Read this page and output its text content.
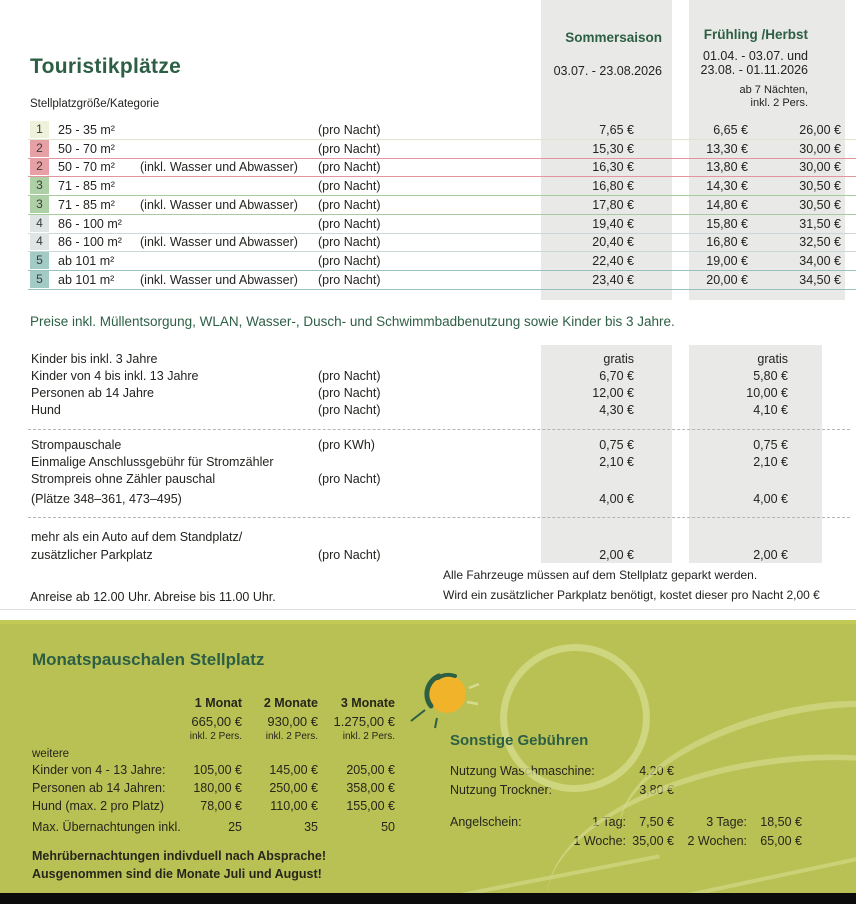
Touristikplätze
Stellplatzgröße/Kategorie
Sommersaison
03.07. - 23.08.2026
Frühling /Herbst
01.04. - 03.07. und
23.08. - 01.11.2026
ab 7 Nächten,
inkl. 2 Pers.
1	25 - 35 m²	(pro Nacht)	7,65 €	6,65 €	26,00 €
2	50 - 70 m²	(pro Nacht)	15,30 €	13,30 €	30,00 €
2	50 - 70 m² (inkl. Wasser und Abwasser) (pro Nacht)	16,30 €	13,80 €	30,00 €
3	71 - 85 m²	(pro Nacht)	16,80 €	14,30 €	30,50 €
3	71 - 85 m² (inkl. Wasser und Abwasser) (pro Nacht)	17,80 €	14,80 €	30,50 €
4	86 - 100 m²	(pro Nacht)	19,40 €	15,80 €	31,50 €
4	86 - 100 m² (inkl. Wasser und Abwasser) (pro Nacht)	20,40 €	16,80 €	32,50 €
5	ab 101 m²	(pro Nacht)	22,40 €	19,00 €	34,00 €
5	ab 101 m² (inkl. Wasser und Abwasser) (pro Nacht)	23,40 €	20,00 €	34,50 €
Preise inkl. Müllentsorgung, WLAN, Wasser-, Dusch- und Schwimmbadbenutzung sowie Kinder bis 3 Jahre.
Kinder bis inkl. 3 Jahre	gratis	gratis
Kinder von 4 bis inkl. 13 Jahre	(pro Nacht)	6,70 €	5,80 €
Personen ab 14 Jahre	(pro Nacht)	12,00 €	10,00 €
Hund	(pro Nacht)	4,30 €	4,10 €
Strompauschale	(pro KWh)	0,75 €	0,75 €
Einmalige Anschlussgebühr für Stromzähler	2,10 €	2,10 €
Strompreis ohne Zähler pauschal	(pro Nacht)
(Plätze 348–361, 473–495)	4,00 €	4,00 €
mehr als ein Auto auf dem Standplatz/
zusätzlicher Parkplatz	(pro Nacht)	2,00 €	2,00 €
Alle Fahrzeuge müssen auf dem Stellplatz geparkt werden.
Wird ein zusätzlicher Parkplatz benötigt, kostet dieser pro Nacht 2,00 €
Anreise ab 12.00 Uhr. Abreise bis 11.00 Uhr.
Monatspauschalen Stellplatz
1 Monat	2 Monate	3 Monate
665,00 €	930,00 €	1.275,00 €
inkl. 2 Pers.	inkl. 2 Pers.	inkl. 2 Pers.
weitere
Kinder von 4 - 13 Jahre:	105,00 €	145,00 €	205,00 €
Personen ab 14 Jahren:	180,00 €	250,00 €	358,00 €
Hund (max. 2 pro Platz)	78,00 €	110,00 €	155,00 €
Max. Übernachtungen inkl.	25	35	50
Mehrübernachtungen indivduell nach Absprache!
Ausgenommen sind die Monate Juli und August!
Sonstige Gebühren
Nutzung Waschmaschine:	4,20 €
Nutzung Trockner:	3,80 €
Angelschein:	1 Tag:	7,50 €	3 Tage:	18,50 €
1 Woche: 35,00 €	2 Wochen:	65,00 €
